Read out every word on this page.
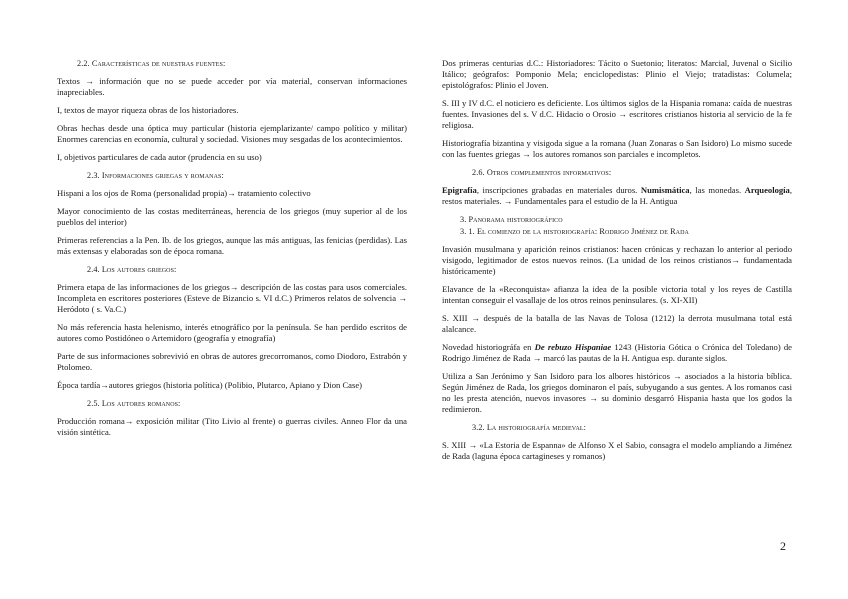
2.2. Características de nuestras fuentes:

Textos → información que no se puede acceder por vía material, conservan informaciones inapreciables.

I, textos de mayor riqueza obras de los historiadores.

Obras hechas desde una óptica muy particular (historia ejemplarizante/ campo político y militar) Enormes carencias en economía, cultural y sociedad. Visiones muy sesgadas de los acontecimientos.

I, objetivos particulares de cada autor (prudencia en su uso)

2.3. Informaciones griegas y romanas:

Hispani a los ojos de Roma (personalidad propia)→ tratamiento colectivo

Mayor conocimiento de las costas mediterráneas, herencia de los griegos (muy superior al de los pueblos del interior)

Primeras referencias a la Pen. Ib. de los griegos, aunque las más antiguas, las fenicias (perdidas). Las más extensas y elaboradas son de época romana.

2.4. Los autores griegos:

Primera etapa de las informaciones de los griegos→ descripción de las costas para usos comerciales. Incompleta en escritores posteriores (Esteve de Bizancio s. VI d.C.) Primeros relatos de solvencia → Heródoto ( s. Va.C.)

No más referencia hasta helenismo, interés etnográfico por la península. Se han perdido escritos de autores como Postidóneo o Artemidoro (geografía y etnografía)

Parte de sus informaciones sobrevivió en obras de autores grecorromanos, como Diodoro, Estrabón y Ptolomeo.

Época tardía→autores griegos (historia política) (Polibio, Plutarco, Apiano y Dion Case)

2.5. Los autores romanos:

Producción romana→ exposición militar (Tito Livio al frente) o guerras civiles. Anneo Flor da una visión sintética.

Dos primeras centurias d.C.: Historiadores: Tácito o Suetonio; literatos: Marcial, Juvenal o Sicilio Itálico; geógrafos: Pomponio Mela; enciclopedistas: Plinio el Viejo; tratadistas: Columela; epistológrafos: Plinio el Joven.

S. III y IV d.C. el noticiero es deficiente. Los últimos siglos de la Hispania romana: caída de nuestras fuentes. Invasiones del s. V d.C. Hidacio o Orosio → escritores cristianos historia al servicio de la fe religiosa.

Historiografía bizantina y visigoda sigue a la romana (Juan Zonaras o San Isidoro) Lo mismo sucede con las fuentes griegas → los autores romanos son parciales e incompletos.

2.6. Otros complementos informativos:

Epigrafía, inscripciones grabadas en materiales duros. Numismática, las monedas. Arqueología, restos materiales. → Fundamentales para el estudio de la H. Antigua

3. Panorama historiográfico
3. 1. El comienzo de la historiografía: Rodrigo Jiménez de Rada

Invasión musulmana y aparición reinos cristianos: hacen crónicas y rechazan lo anterior al periodo visigodo, legitimador de estos nuevos reinos. (La unidad de los reinos cristianos→ fundamentada históricamente)

Elavance de la «Reconquista» afianza la idea de la posible victoria total y los reyes de Castilla intentan conseguir el vasallaje de los otros reinos peninsulares. (s. XI-XII)

S. XIII → después de la batalla de las Navas de Tolosa (1212) la derrota musulmana total está alalcance.

Novedad historiográfa en De rebuzo Hispaniae 1243 (Historia Gótica o Crónica del Toledano) de Rodrigo Jiménez de Rada → marcó las pautas de la H. Antigua esp. durante siglos.

Utiliza a San Jerónimo y San Isidoro para los albores históricos → asociados a la historia bíblica. Según Jiménez de Rada, los griegos dominaron el país, subyugando a sus gentes. A los romanos casi no les presta atención, nuevos invasores → su dominio desgarró Hispania hasta que los godos la redimieron.

3.2. La historiografía medieval:

S. XIII → «La Estoria de Espanna» de Alfonso X el Sabio, consagra el modelo ampliando a Jiménez de Rada (laguna época cartagineses y romanos)

2
